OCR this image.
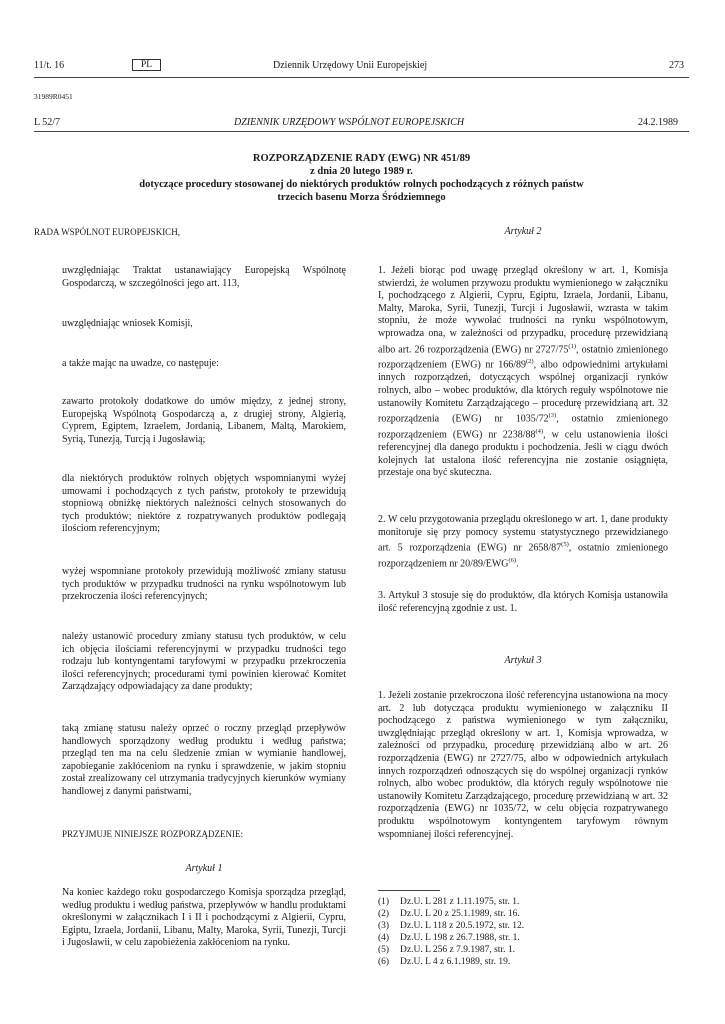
11/t. 16	PL	Dziennik Urzędowy Unii Europejskiej	273
31989R0451
L 52/7	DZIENNIK URZĘDOWY WSPÓLNOT EUROPEJSKICH	24.2.1989
ROZPORZĄDZENIE RADY (EWG) NR 451/89
z dnia 20 lutego 1989 r.
dotyczące procedury stosowanej do niektórych produktów rolnych pochodzących z różnych państw
trzecich basenu Morza Śródziemnego
RADA WSPÓLNOT EUROPEJSKICH,
uwzględniając Traktat ustanawiający Europejską Wspólnotę Gospodarczą, w szczególności jego art. 113,
uwzględniając wniosek Komisji,
a także mając na uwadze, co następuje:
zawarto protokoły dodatkowe do umów między, z jednej strony, Europejską Wspólnotą Gospodarczą a, z drugiej strony, Algierią, Cyprem, Egiptem, Izraelem, Jordanią, Libanem, Maltą, Marokiem, Syrią, Tunezją, Turcją i Jugosławią;
dla niektórych produktów rolnych objętych wspomnianymi wyżej umowami i pochodzących z tych państw, protokoły te przewidują stopniową obniżkę niektórych należności celnych stosowanych do tych produktów; niektóre z rozpatrywanych produktów podlegają ilościom referencyjnym;
wyżej wspomniane protokoły przewidują możliwość zmiany statusu tych produktów w przypadku trudności na rynku wspólnotowym lub przekroczenia ilości referencyjnych;
należy ustanowić procedury zmiany statusu tych produktów, w celu ich objęcia ilościami referencyjnymi w przypadku trudności tego rodzaju lub kontyngentami taryfowymi w przypadku przekroczenia ilości referencyjnych; procedurami tymi powinien kierować Komitet Zarządzający odpowiadający za dane produkty;
taką zmianę statusu należy oprzeć o roczny przegląd przepływów handlowych sporządzony według produktu i według państwa; przegląd ten ma na celu śledzenie zmian w wymianie handlowej, zapobieganie zakłóceniom na rynku i sprawdzenie, w jakim stopniu został zrealizowany cel utrzymania tradycyjnych kierunków wymiany handlowej z danymi państwami,
PRZYJMUJE NINIEJSZE ROZPORZĄDZENIE:
Artykuł 1
Na koniec każdego roku gospodarczego Komisja sporządza przegląd, według produktu i według państwa, przepływów w handlu produktami określonymi w załącznikach I i II i pochodzącymi z Algierii, Cypru, Egiptu, Izraela, Jordanii, Libanu, Malty, Maroka, Syrii, Tunezji, Turcji i Jugosławii, w celu zapobieżenia zakłóceniom na rynku.
Artykuł 2
1. Jeżeli biorąc pod uwagę przegląd określony w art. 1, Komisja stwierdzi, że wolumen przywozu produktu wymienionego w załączniku I, pochodzącego z Algierii, Cypru, Egiptu, Izraela, Jordanii, Libanu, Malty, Maroka, Syrii, Tunezji, Turcji i Jugosławii, wzrasta w takim stopniu, że może wywołać trudności na rynku wspólnotowym, wprowadza ona, w zależności od przypadku, procedurę przewidzianą albo art. 26 rozporządzenia (EWG) nr 2727/75$^{(1)}$, ostatnio zmienionego rozporządzeniem (EWG) nr 166/89$^{(2)}$, albo odpowiednimi artykułami innych rozporządzeń, dotyczących wspólnej organizacji rynków rolnych, albo – wobec produktów, dla których reguły wspólnotowe nie ustanowiły Komitetu Zarządzającego – procedurę przewidzianą art. 32 rozporządzenia (EWG) nr 1035/72$^{(3)}$, ostatnio zmienionego rozporządzeniem (EWG) nr 2238/88$^{(4)}$, w celu ustanowienia ilości referencyjnej dla danego produktu i pochodzenia. Jeśli w ciągu dwóch kolejnych lat ustalona ilość referencyjna nie zostanie osiągnięta, przestaje ona być skuteczna.
2. W celu przygotowania przeglądu określonego w art. 1, dane produkty monitoruje się przy pomocy systemu statystycznego przewidzianego art. 5 rozporządzenia (EWG) nr 2658/87$^{(5)}$, ostatnio zmienionego rozporządzeniem nr 20/89/EWG$^{(6)}$.
3. Artykuł 3 stosuje się do produktów, dla których Komisja ustanowiła ilość referencyjną zgodnie z ust. 1.
Artykuł 3
1. Jeżeli zostanie przekroczona ilość referencyjna ustanowiona na mocy art. 2 lub dotycząca produktu wymienionego w załączniku II pochodzącego z państwa wymienionego w tym załączniku, uwzględniając przegląd określony w art. 1, Komisja wprowadza, w zależności od przypadku, procedurę przewidzianą albo w art. 26 rozporządzenia (EWG) nr 2727/75, albo w odpowiednich artykułach innych rozporządzeń odnoszących się do wspólnej organizacji rynków rolnych, albo wobec produktów, dla których reguły wspólnotowe nie ustanowiły Komitetu Zarządzającego, procedurę przewidzianą w art. 32 rozporządzenia (EWG) nr 1035/72, w celu objęcia rozpatrywanego produktu wspólnotowym kontyngentem taryfowym równym wspomnianej ilości referencyjnej.
(1) Dz.U. L 281 z 1.11.1975, str. 1.
(2) Dz.U. L 20 z 25.1.1989, str. 16.
(3) Dz.U. L 118 z 20.5.1972, str. 12.
(4) Dz.U. L 198 z 26.7.1988, str. 1.
(5) Dz.U. L 256 z 7.9.1987, str. 1.
(6) Dz.U. L 4 z 6.1.1989, str. 19.
